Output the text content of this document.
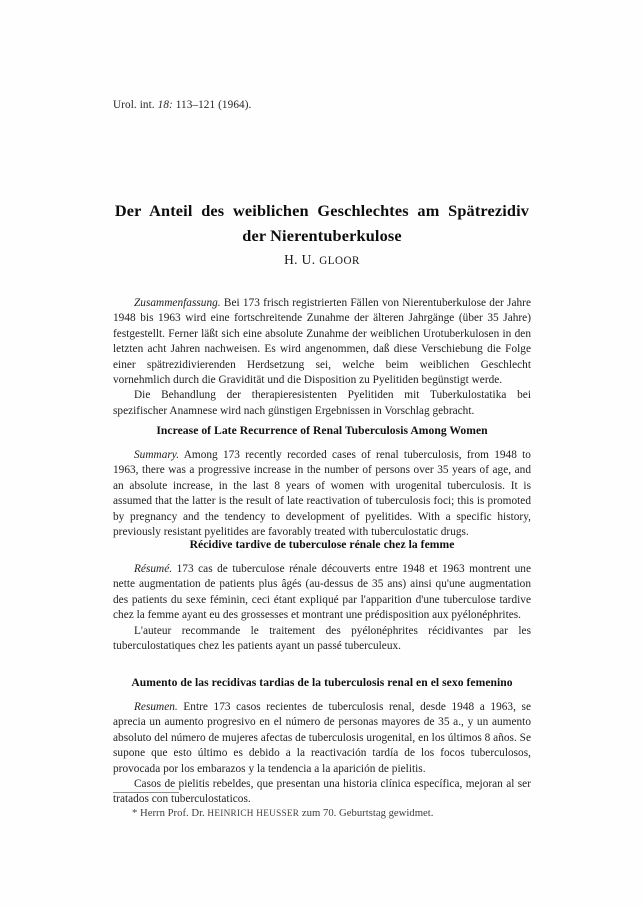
Urol. int. 18: 113–121 (1964).
Der Anteil des weiblichen Geschlechtes am Spätrezidiv
der Nierentuberkulose
H. U. GLOOR

Zusammenfassung. Bei 173 frisch registrierten Fällen von Nierentuberkulose der Jahre 1948 bis 1963 wird eine fortschreitende Zunahme der älteren Jahrgänge (über 35 Jahre) festgestellt. Ferner läßt sich eine absolute Zunahme der weiblichen Urotuberkulosen in den letzten acht Jahren nachweisen. Es wird angenommen, daß diese Verschiebung die Folge einer spätrezidivierenden Herdsetzung sei, welche beim weiblichen Geschlecht vornehmlich durch die Gravidität und die Disposition zu Pyelitiden begünstigt werde.

Die Behandlung der therapieresistenten Pyelitiden mit Tuberkulostatika bei spezifischer Anamnese wird nach günstigen Ergebnissen in Vorschlag gebracht.

Increase of Late Recurrence of Renal Tuberculosis Among Women

Summary. Among 173 recently recorded cases of renal tuberculosis, from 1948 to 1963, there was a progressive increase in the number of persons over 35 years of age, and an absolute increase, in the last 8 years of women with urogenital tuberculosis. It is assumed that the latter is the result of late reactivation of tuberculosis foci; this is promoted by pregnancy and the tendency to development of pyelitides. With a specific history, previously resistant pyelitides are favorably treated with tuberculostatic drugs.

Récidive tardive de tuberculose rénale chez la femme

Résumé. 173 cas de tuberculose rénale découverts entre 1948 et 1963 montrent une nette augmentation de patients plus âgés (au-dessus de 35 ans) ainsi qu'une augmentation des patients du sexe féminin, ceci étant expliqué par l'apparition d'une tuberculose tardive chez la femme ayant eu des grossesses et montrant une prédisposition aux pyélonéphrites.

L'auteur recommande le traitement des pyélonéphrites récidivantes par les tuberculostatiques chez les patients ayant un passé tuberculeux.

Aumento de las recidivas tardias de la tuberculosis renal en el sexo femenino

Resumen. Entre 173 casos recientes de tuberculosis renal, desde 1948 a 1963, se aprecia un aumento progresivo en el número de personas mayores de 35 a., y un aumento absoluto del número de mujeres afectas de tuberculosis urogenital, en los últimos 8 años. Se supone que esto último es debido a la reactivación tardía de los focos tuberculosos, provocada por los embarazos y la tendencia a la aparición de pielitis.

Casos de pielitis rebeldes, que presentan una historia clínica específica, mejoran al ser tratados con tuberculostaticos.

* Herrn Prof. Dr. HEINRICH HEUSSER zum 70. Geburtstag gewidmet.
